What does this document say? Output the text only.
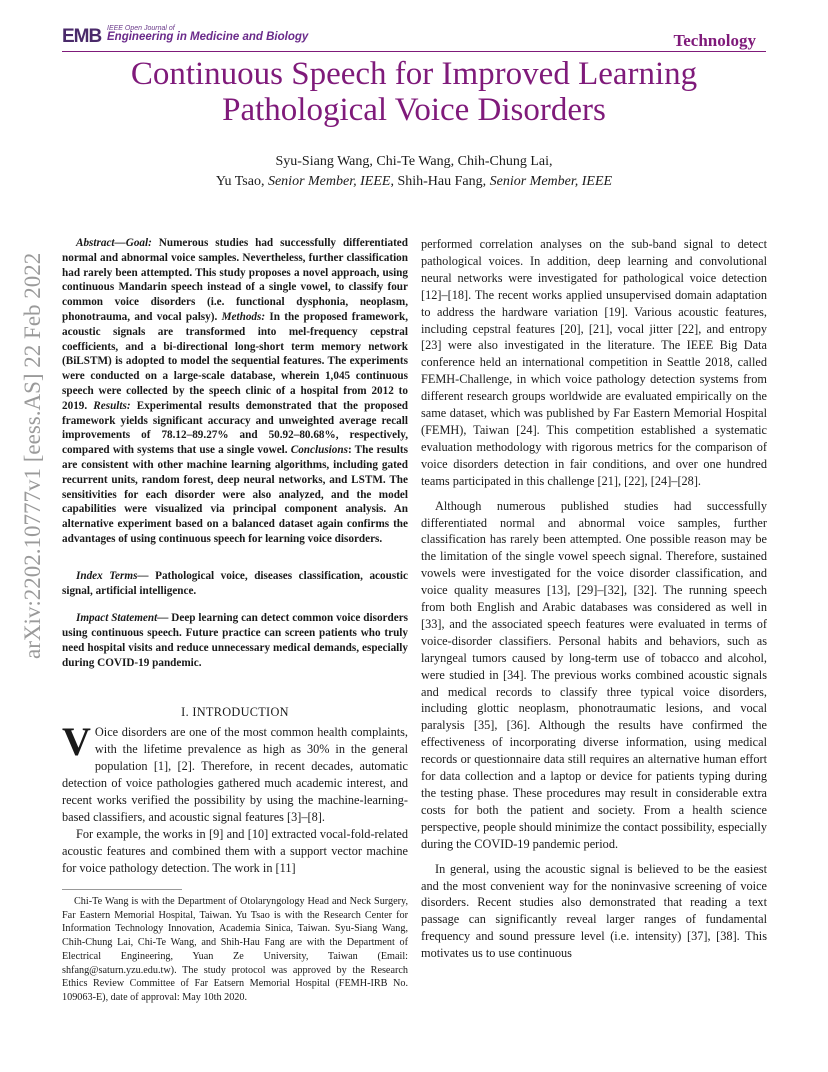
EMB IEEE Open Journal of
Engineering in Medicine and Biology	Technology
Continuous Speech for Improved Learning Pathological Voice Disorders
Syu-Siang Wang, Chi-Te Wang, Chih-Chung Lai,
Yu Tsao, Senior Member, IEEE, Shih-Hau Fang, Senior Member, IEEE
arXiv:2202.10777v1 [eess.AS] 22 Feb 2022
Abstract—Goal: Numerous studies had successfully differentiated normal and abnormal voice samples. Nevertheless, further classification had rarely been attempted. This study proposes a novel approach, using continuous Mandarin speech instead of a single vowel, to classify four common voice disorders (i.e. functional dysphonia, neoplasm, phonotrauma, and vocal palsy). Methods: In the proposed framework, acoustic signals are transformed into mel-frequency cepstral coefficients, and a bi-directional long-short term memory network (BiLSTM) is adopted to model the sequential features. The experiments were conducted on a large-scale database, wherein 1,045 continuous speech were collected by the speech clinic of a hospital from 2012 to 2019. Results: Experimental results demonstrated that the proposed framework yields significant accuracy and unweighted average recall improvements of 78.12–89.27% and 50.92–80.68%, respectively, compared with systems that use a single vowel. Conclusions: The results are consistent with other machine learning algorithms, including gated recurrent units, random forest, deep neural networks, and LSTM. The sensitivities for each disorder were also analyzed, and the model capabilities were visualized via principal component analysis. An alternative experiment based on a balanced dataset again confirms the advantages of using continuous speech for learning voice disorders.
Index Terms— Pathological voice, diseases classification, acoustic signal, artificial intelligence.
Impact Statement— Deep learning can detect common voice disorders using continuous speech. Future practice can screen patients who truly need hospital visits and reduce unnecessary medical demands, especially during COVID-19 pandemic.
I. INTRODUCTION

V Oice disorders are one of the most common health complaints, with the lifetime prevalence as high as 30% in the general population [1], [2]. Therefore, in recent decades, automatic detection of voice pathologies gathered much academic interest, and recent works verified the possibility by using the machine-learning-based classifiers, and acoustic signal features [3]–[8].

For example, the works in [9] and [10] extracted vocal-fold-related acoustic features and combined them with a support vector machine for voice pathology detection. The work in [11]

Chi-Te Wang is with the Department of Otolaryngology Head and Neck Surgery, Far Eastern Memorial Hospital, Taiwan. Yu Tsao is with the Research Center for Information Technology Innovation, Academia Sinica, Taiwan. Syu-Siang Wang, Chih-Chung Lai, Chi-Te Wang, and Shih-Hau Fang are with the Department of Electrical Engineering, Yuan Ze University, Taiwan (Email: shfang@saturn.yzu.edu.tw). The study protocol was approved by the Research Ethics Review Committee of Far Eatsern Memorial Hospital (FEMH-IRB No. 109063-E), date of approval: May 10th 2020.

performed correlation analyses on the sub-band signal to detect pathological voices. In addition, deep learning and convolutional neural networks were investigated for pathological voice detection [12]–[18]. The recent works applied unsupervised domain adaptation to address the hardware variation [19]. Various acoustic features, including cepstral features [20], [21], vocal jitter [22], and entropy [23] were also investigated in the literature. The IEEE Big Data conference held an international competition in Seattle 2018, called FEMH-Challenge, in which voice pathology detection systems from different research groups worldwide are evaluated empirically on the same dataset, which was published by Far Eastern Memorial Hospital (FEMH), Taiwan [24]. This competition established a systematic evaluation methodology with rigorous metrics for the comparison of voice disorders detection in fair conditions, and over one hundred teams participated in this challenge [21], [22], [24]–[28].

Although numerous published studies had successfully differentiated normal and abnormal voice samples, further classification has rarely been attempted. One possible reason may be the limitation of the single vowel speech signal. Therefore, sustained vowels were investigated for the voice disorder classification, and voice quality measures [13], [29]–[32], [32]. The running speech from both English and Arabic databases was considered as well in [33], and the associated speech features were evaluated in terms of voice-disorder classifiers. Personal habits and behaviors, such as laryngeal tumors caused by long-term use of tobacco and alcohol, were studied in [34]. The previous works combined acoustic signals and medical records to classify three typical voice disorders, including glottic neoplasm, phonotraumatic lesions, and vocal paralysis [35], [36]. Although the results have confirmed the effectiveness of incorporating diverse information, using medical records or questionnaire data still requires an alternative human effort for data collection and a laptop or device for patients typing during the testing phase. These procedures may result in considerable extra costs for both the patient and society. From a health science perspective, people should minimize the contact possibility, especially during the COVID-19 pandemic period.

In general, using the acoustic signal is believed to be the easiest and the most convenient way for the noninvasive screening of voice disorders. Recent studies also demonstrated that reading a text passage can significantly reveal larger ranges of fundamental frequency and sound pressure level (i.e. intensity) [37], [38]. This motivates us to use continuous
